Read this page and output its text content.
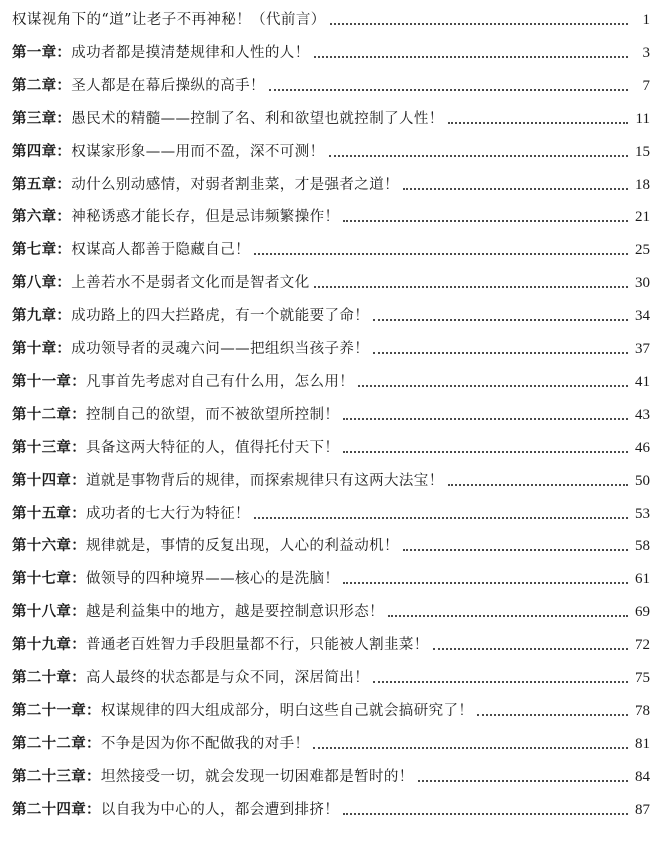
权谋视角下的“道”让老子不再神秘！（代前言）	1
第一章： 成功者都是摸清楚规律和人性的人！	3
第二章： 圣人都是在幕后操纵的高手！	7
第三章： 愚民术的精髓——控制了名、利和欲望也就控制了人性！	11
第四章： 权谋家形象——用而不盈，深不可测！	15
第五章： 动什么别动感情，对弱者割韭菜，才是强者之道！	18
第六章： 神秘诱惑才能长存，但是忌讳频繁操作！	21
第七章： 权谋高人都善于隐藏自己！	25
第八章： 上善若水不是弱者文化而是智者文化	30
第九章： 成功路上的四大拦路虎，有一个就能要了命！	34
第十章： 成功领导者的灵魂六问——把组织当孩子养！	37
第十一章： 凡事首先考虑对自己有什么用，怎么用！	41
第十二章： 控制自己的欲望，而不被欲望所控制！	43
第十三章： 具备这两大特征的人，值得托付天下！	46
第十四章： 道就是事物背后的规律，而探索规律只有这两大法宝！	50
第十五章： 成功者的七大行为特征！	53
第十六章： 规律就是，事情的反复出现，人心的利益动机！	58
第十七章： 做领导的四种境界——核心的是洗脑！	61
第十八章： 越是利益集中的地方，越是要控制意识形态！	69
第十九章： 普通老百姓智力手段胆量都不行，只能被人割韭菜！	72
第二十章： 高人最终的状态都是与众不同，深居简出！	75
第二十一章： 权谋规律的四大组成部分，明白这些自己就会搞研究了！	78
第二十二章： 不争是因为你不配做我的对手！	81
第二十三章： 坦然接受一切，就会发现一切困难都是暂时的！	84
第二十四章： 以自我为中心的人，都会遭到排挤！	87
